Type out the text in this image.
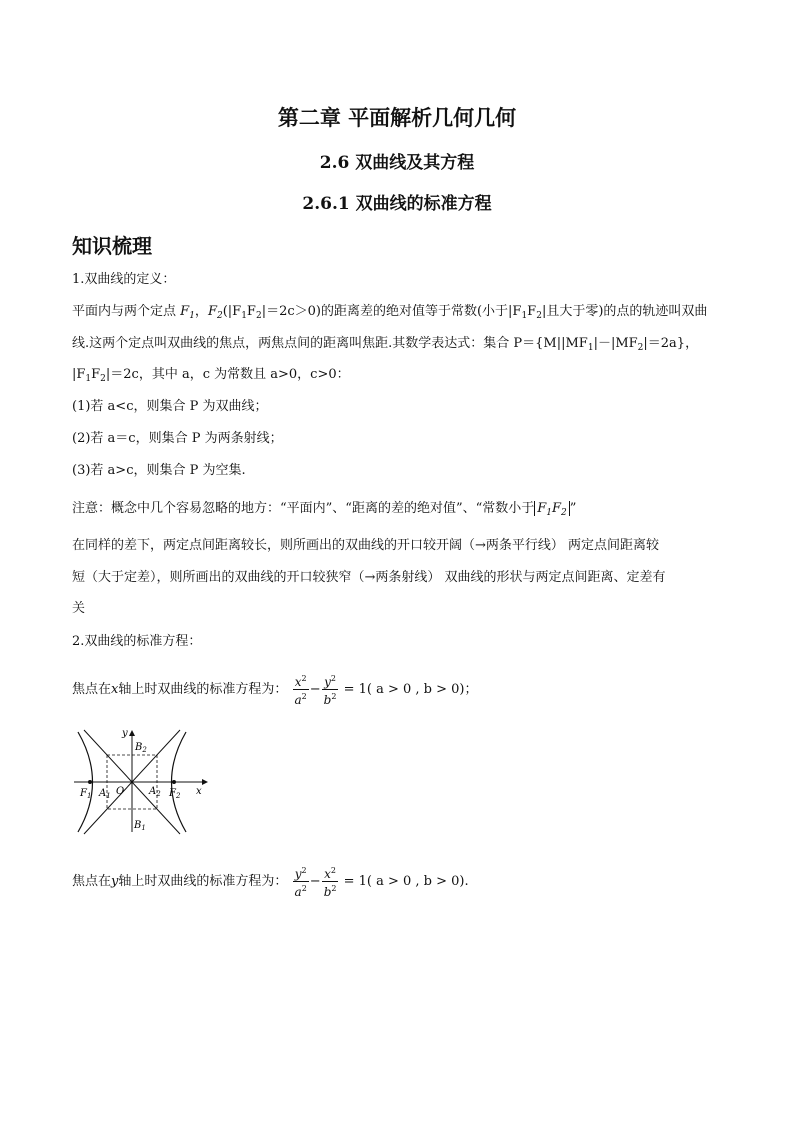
第二章 平面解析几何几何
2.6 双曲线及其方程
2.6.1 双曲线的标准方程
知识梳理
1.双曲线的定义：
平面内与两个定点 $F_1$，$F_2(|F_1F_2|=2c>0)$的距离差的绝对值等于常数(小于$|F_1F_2|$且大于零)的点的轨迹叫双曲
线.这两个定点叫双曲线的焦点，两焦点间的距离叫焦距.其数学表达式：集合 $P=\{M||MF_1|-|MF_2|=2a\}$，
$|F_1F_2|=2c$，其中 a，c 为常数且 a>0，c>0：
(1)若 a<c，则集合 P 为双曲线；
(2)若 a＝c，则集合 P 为两条射线；
(3)若 a>c，则集合 P 为空集.
注意：概念中几个容易忽略的地方：“平面内”、“距离的差的绝对值”、“常数小于 $F_1F_2$ ”
在同样的差下，两定点间距离较长，则所画出的双曲线的开口较开阔（→两条平行线） 两定点间距离较
短（大于定差），则所画出的双曲线的开口较狭窄（→两条射线） 双曲线的形状与两定点间距离、定差有
关
2.双曲线的标准方程：
焦点在x轴上时双曲线的标准方程为： $\frac{x^2}{a^2} - \frac{y^2}{b^2} = 1$( a > 0 , b > 0)；
y
x
$B_2$
$B_1$
$F_1$ $A_1$ O $A_2$ $F_2$
焦点在y轴上时双曲线的标准方程为： $\frac{y^2}{a^2} - \frac{x^2}{b^2} = 1$( a > 0 , b > 0).
